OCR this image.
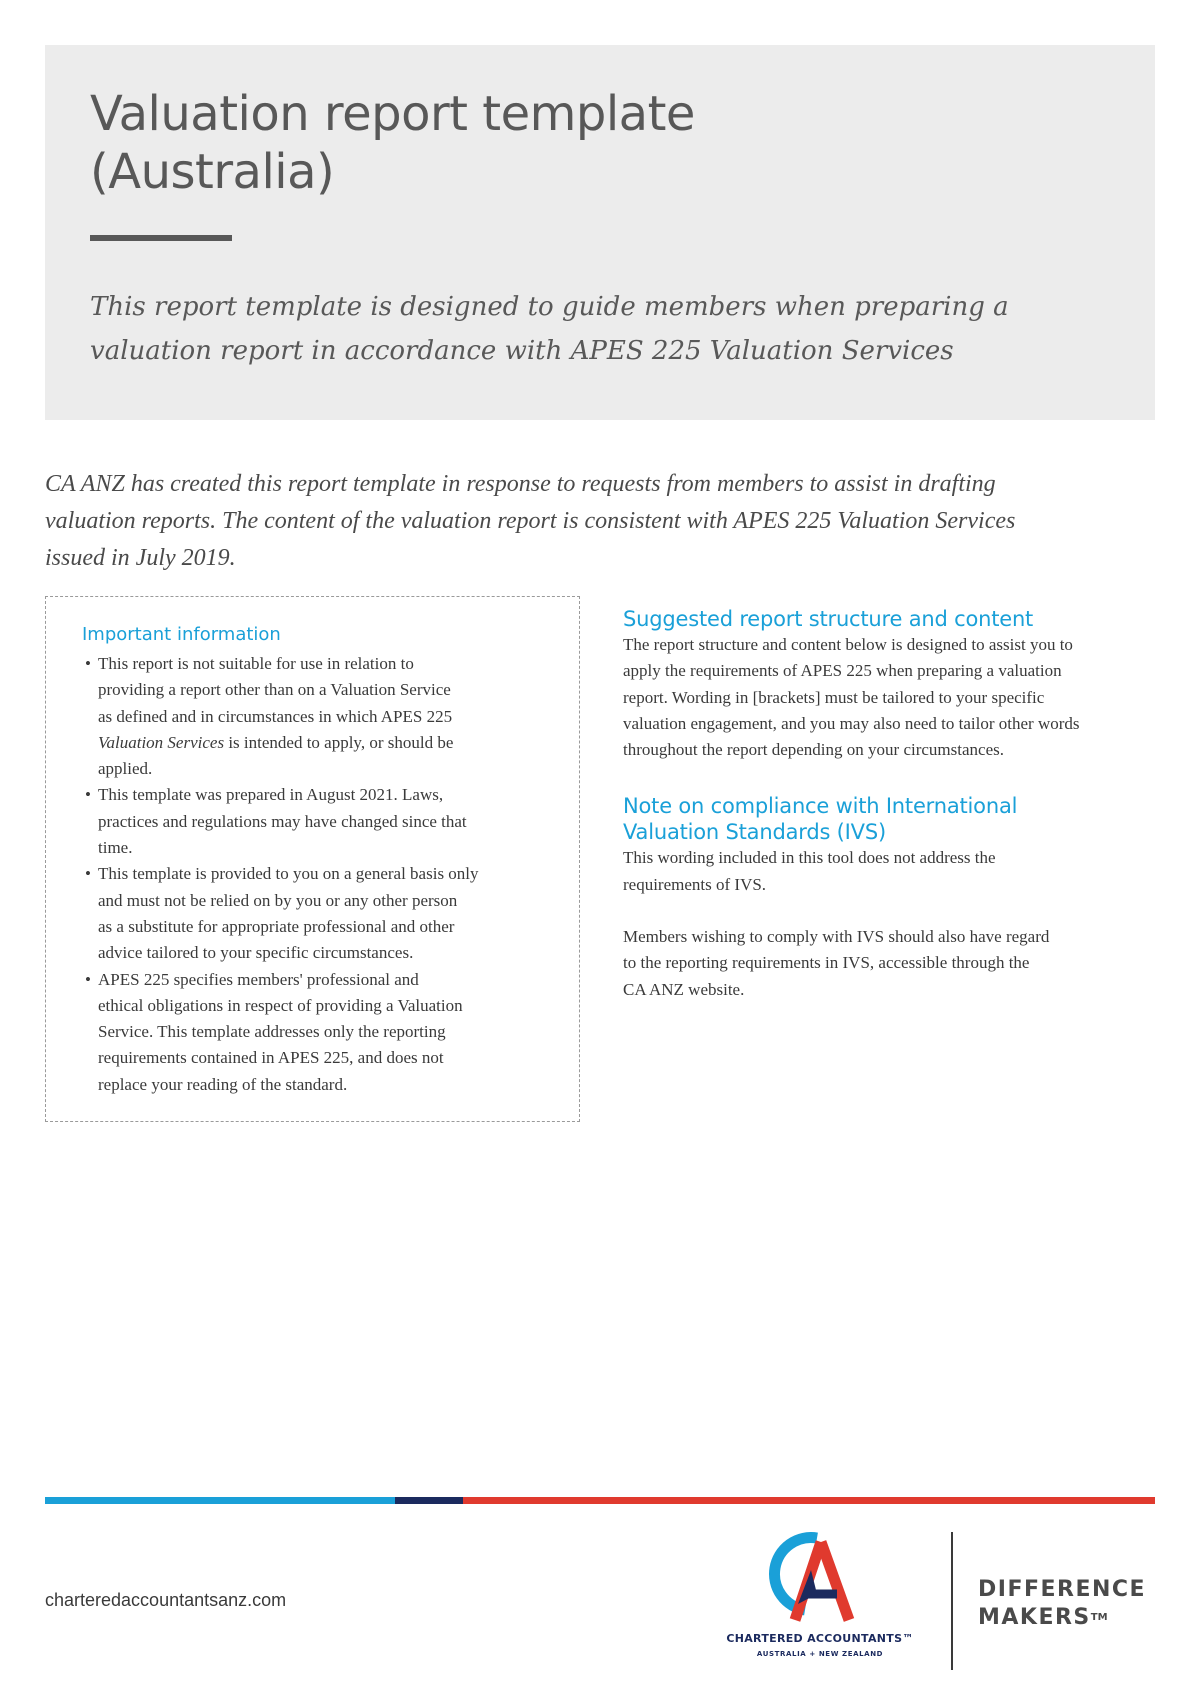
Valuation report template
(Australia)

This report template is designed to guide members when preparing a
valuation report in accordance with APES 225 Valuation Services

CA ANZ has created this report template in response to requests from members to assist in drafting
valuation reports. The content of the valuation report is consistent with APES 225 Valuation Services
issued in July 2019.

Important information
• This report is not suitable for use in relation to
providing a report other than on a Valuation Service
as defined and in circumstances in which APES 225
Valuation Services is intended to apply, or should be
applied.
• This template was prepared in August 2021. Laws,
practices and regulations may have changed since that
time.
• This template is provided to you on a general basis only
and must not be relied on by you or any other person
as a substitute for appropriate professional and other
advice tailored to your specific circumstances.
• APES 225 specifies members' professional and
ethical obligations in respect of providing a Valuation
Service. This template addresses only the reporting
requirements contained in APES 225, and does not
replace your reading of the standard.
Suggested report structure and content

The report structure and content below is designed to assist you to
apply the requirements of APES 225 when preparing a valuation
report. Wording in [brackets] must be tailored to your specific
valuation engagement, and you may also need to tailor other words
throughout the report depending on your circumstances.

Note on compliance with International
Valuation Standards (IVS)

This wording included in this tool does not address the
requirements of IVS.

Members wishing to comply with IVS should also have regard
to the reporting requirements in IVS, accessible through the
CA ANZ website.

charteredaccountantsanz.com
CHARTERED ACCOUNTANTS™
AUSTRALIA + NEW ZEALAND
DIFFERENCE
MAKERS™
